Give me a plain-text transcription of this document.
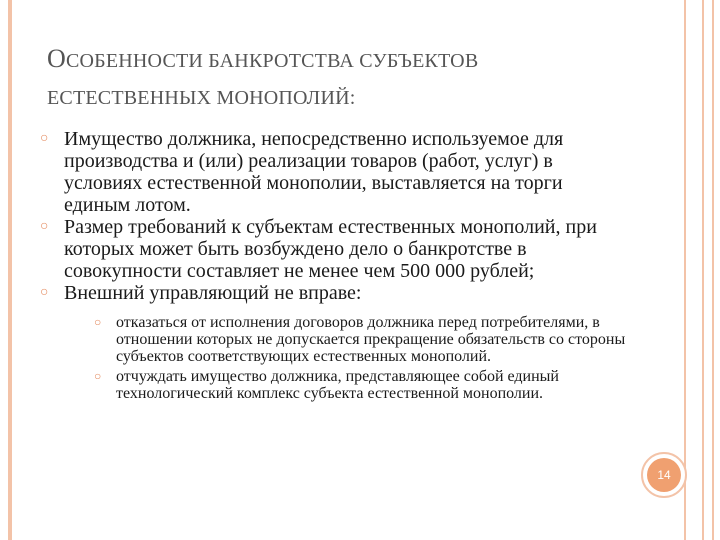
ОСОБЕННОСТИ БАНКРОТСТВА СУБЪЕКТОВ
ЕСТЕСТВЕННЫХ МОНОПОЛИЙ:
○ Имущество должника, непосредственно используемое для производства и (или) реализации товаров (работ, услуг) в условиях естественной монополии, выставляется на торги единым лотом.
○ Размер требований к субъектам естественных монополий, при которых может быть возбуждено дело о банкротстве в совокупности составляет не менее чем 500 000 рублей;
○ Внешний управляющий не вправе:
○ отказаться от исполнения договоров должника перед потребителями, в отношении которых не допускается прекращение обязательств со стороны субъектов соответствующих естественных монополий.
○ отчуждать имущество должника, представляющее собой единый технологический комплекс субъекта естественной монополии.
14
